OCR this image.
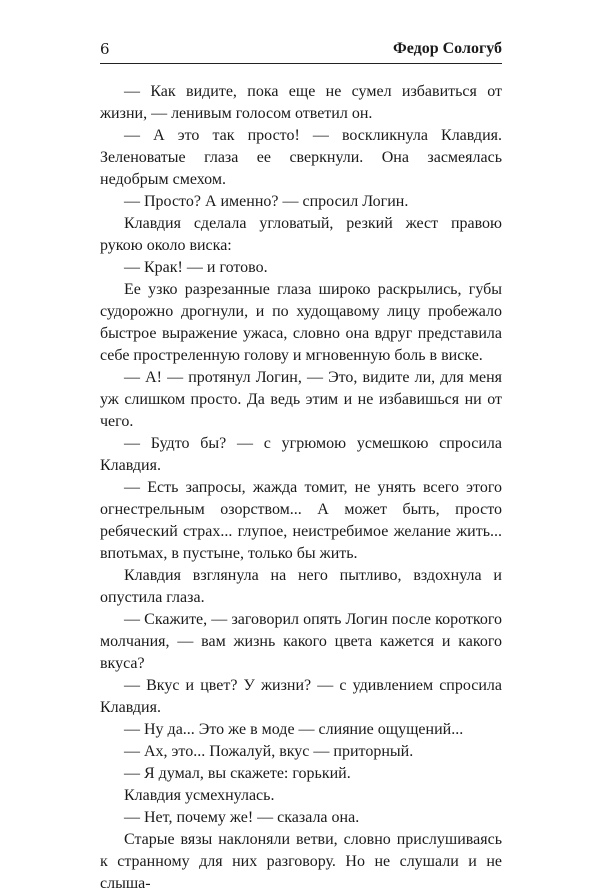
6	Федор Сологуб

— Как видите, пока еще не сумел избавиться от жизни, — ленивым голосом ответил он.

— А это так просто! — воскликнула Клавдия. Зеленоватые глаза ее сверкнули. Она засмеялась недобрым смехом.

— Просто? А именно? — спросил Логин.

Клавдия сделала угловатый, резкий жест правою рукою около виска:

— Крак! — и готово.

Ее узко разрезанные глаза широко раскрылись, губы судорожно дрогнули, и по худощавому лицу пробежало быстрое выражение ужаса, словно она вдруг представила себе простреленную голову и мгновенную боль в виске.

— А! — протянул Логин, — Это, видите ли, для меня уж слишком просто. Да ведь этим и не избавишься ни от чего.

— Будто бы? — с угрюмою усмешкою спросила Клавдия.

— Есть запросы, жажда томит, не унять всего этого огнестрельным озорством... А может быть, просто ребяческий страх... глупое, неистребимое желание жить... впотьмах, в пустыне, только бы жить.

Клавдия взглянула на него пытливо, вздохнула и опустила глаза.

— Скажите, — заговорил опять Логин после короткого молчания, — вам жизнь какого цвета кажется и какого вкуса?

— Вкус и цвет? У жизни? — с удивлением спросила Клавдия.

— Ну да... Это же в моде — слияние ощущений...

— Ах, это... Пожалуй, вкус — приторный.

— Я думал, вы скажете: горький.

Клавдия усмехнулась.

— Нет, почему же! — сказала она.

Старые вязы наклоняли ветви, словно прислушиваясь к странному для них разговору. Но не слушали и не слыша-
